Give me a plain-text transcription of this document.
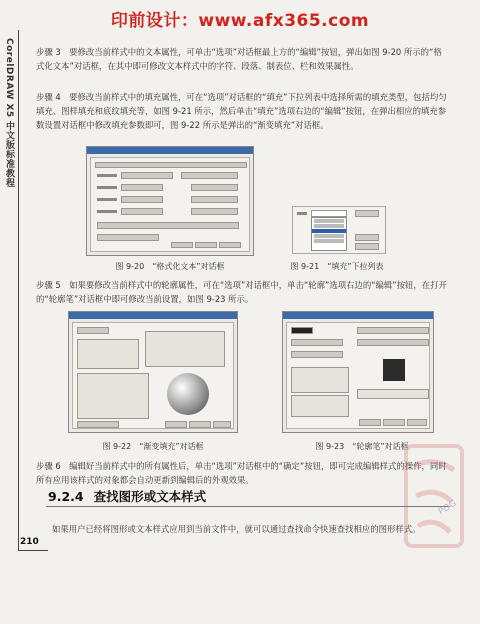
印前设计：www.afx365.com
CorelDRAW X5 中文版标准教程	步骤 3　要修改当前样式中的文本属性，可单击“选项”对话框最上方的“编辑”按钮，弹出如图 9-20 所示的“格式化文本”对话框，在其中即可修改文本样式中的字符、段落、制表位、栏和效果属性。
步骤 4　要修改当前样式中的填充属性，可在“选项”对话框的“填充”下拉列表中选择所需的填充类型，包括均匀填充、图样填充和底纹填充等，如图 9-21 所示，然后单击“填充”选项右边的“编辑”按钮，在弹出相应的填充参数设置对话框中修改填充参数即可，图 9-22 所示是弹出的“渐变填充”对话框。
图 9-20　“格式化文本”对话框	图 9-21　“填充”下拉列表
步骤 5　如果要修改当前样式中的轮廓属性，可在“选项”对话框中，单击“轮廓”选项右边的“编辑”按钮，在打开的“轮廓笔”对话框中即可修改当前设置，如图 9-23 所示。
图 9-22　“渐变填充”对话框	图 9-23　“轮廓笔”对话框
步骤 6　编辑好当前样式中的所有属性后，单击“选项”对话框中的“确定”按钮，即可完成编辑样式的操作，同时所有应用该样式的对象都会自动更新到编辑后的外观效果。
9.2.4 查找图形或文本样式
如果用户已经将图形或文本样式应用到当前文件中，就可以通过查找命令快速查找相应的图形样式。
210
PDG
